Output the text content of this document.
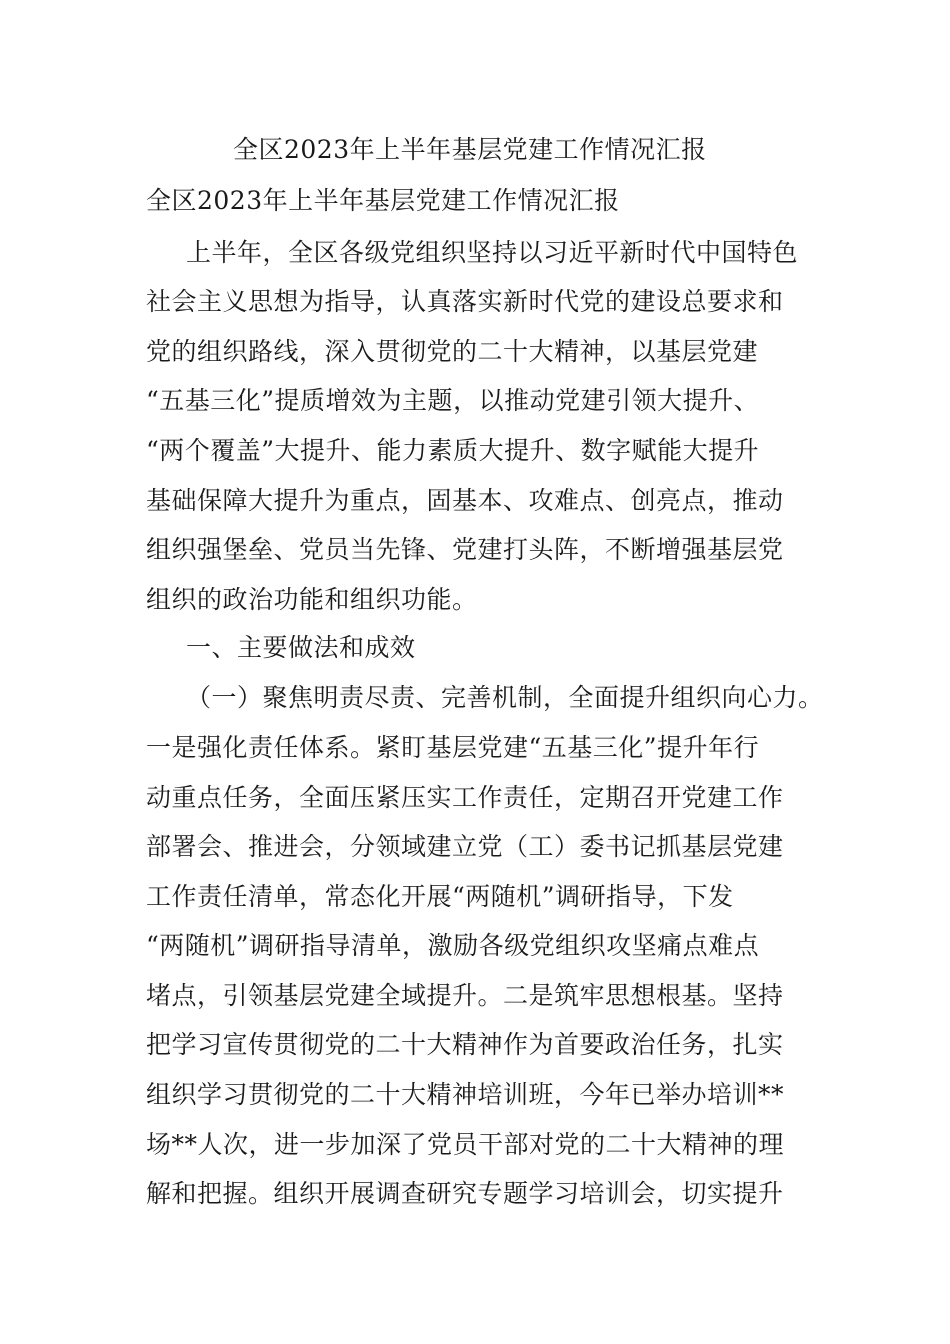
全区2023年上半年基层党建工作情况汇报
全区2023年上半年基层党建工作情况汇报
上半年，全区各级党组织坚持以习近平新时代中国特色
社会主义思想为指导，认真落实新时代党的建设总要求和
党的组织路线，深入贯彻党的二十大精神，以基层党建
“五基三化”提质增效为主题，以推动党建引领大提升、
“两个覆盖”大提升、能力素质大提升、数字赋能大提升
基础保障大提升为重点，固基本、攻难点、创亮点，推动
组织强堡垒、党员当先锋、党建打头阵，不断增强基层党
组织的政治功能和组织功能。
一、主要做法和成效
（一）聚焦明责尽责、完善机制，全面提升组织向心力。
一是强化责任体系。紧盯基层党建“五基三化”提升年行
动重点任务，全面压紧压实工作责任，定期召开党建工作
部署会、推进会，分领域建立党（工）委书记抓基层党建
工作责任清单，常态化开展“两随机”调研指导，下发
“两随机”调研指导清单，激励各级党组织攻坚痛点难点
堵点，引领基层党建全域提升。二是筑牢思想根基。坚持
把学习宣传贯彻党的二十大精神作为首要政治任务，扎实
组织学习贯彻党的二十大精神培训班，今年已举办培训**
场**人次，进一步加深了党员干部对党的二十大精神的理
解和把握。组织开展调查研究专题学习培训会，切实提升
